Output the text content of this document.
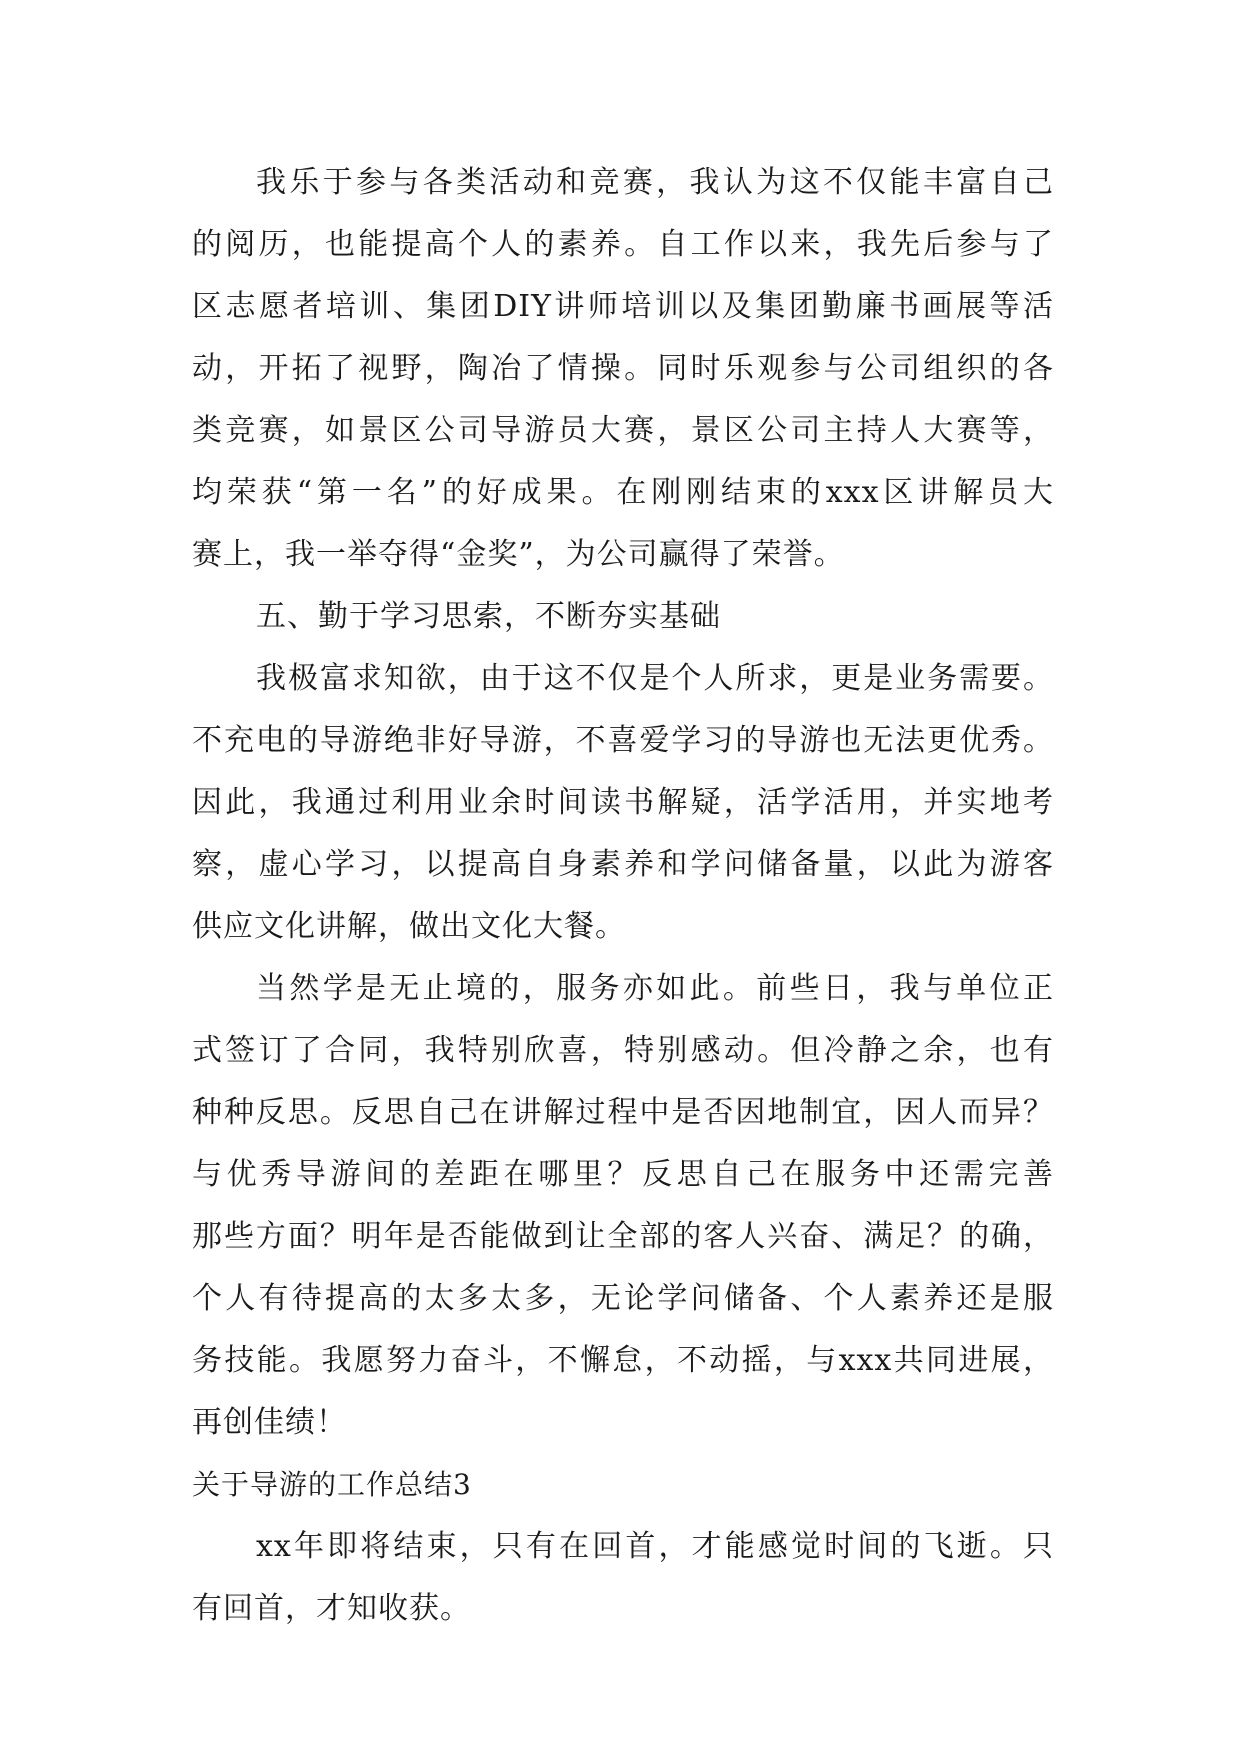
我乐于参与各类活动和竞赛，我认为这不仅能丰富自己
的阅历，也能提高个人的素养。自工作以来，我先后参与了
区志愿者培训、集团DIY讲师培训以及集团勤廉书画展等活
动，开拓了视野，陶冶了情操。同时乐观参与公司组织的各
类竞赛，如景区公司导游员大赛，景区公司主持人大赛等，
均荣获“第一名”的好成果。在刚刚结束的xxx区讲解员大
赛上，我一举夺得“金奖”，为公司赢得了荣誉。
五、勤于学习思索，不断夯实基础
我极富求知欲，由于这不仅是个人所求，更是业务需要。
不充电的导游绝非好导游，不喜爱学习的导游也无法更优秀。
因此，我通过利用业余时间读书解疑，活学活用，并实地考
察，虚心学习，以提高自身素养和学问储备量，以此为游客
供应文化讲解，做出文化大餐。
当然学是无止境的，服务亦如此。前些日，我与单位正
式签订了合同，我特别欣喜，特别感动。但冷静之余，也有
种种反思。反思自己在讲解过程中是否因地制宜，因人而异？
与优秀导游间的差距在哪里？反思自己在服务中还需完善
那些方面？明年是否能做到让全部的客人兴奋、满足？的确，
个人有待提高的太多太多，无论学问储备、个人素养还是服
务技能。我愿努力奋斗，不懈怠，不动摇，与xxx共同进展，
再创佳绩！
关于导游的工作总结3
xx年即将结束，只有在回首，才能感觉时间的飞逝。只
有回首，才知收获。
